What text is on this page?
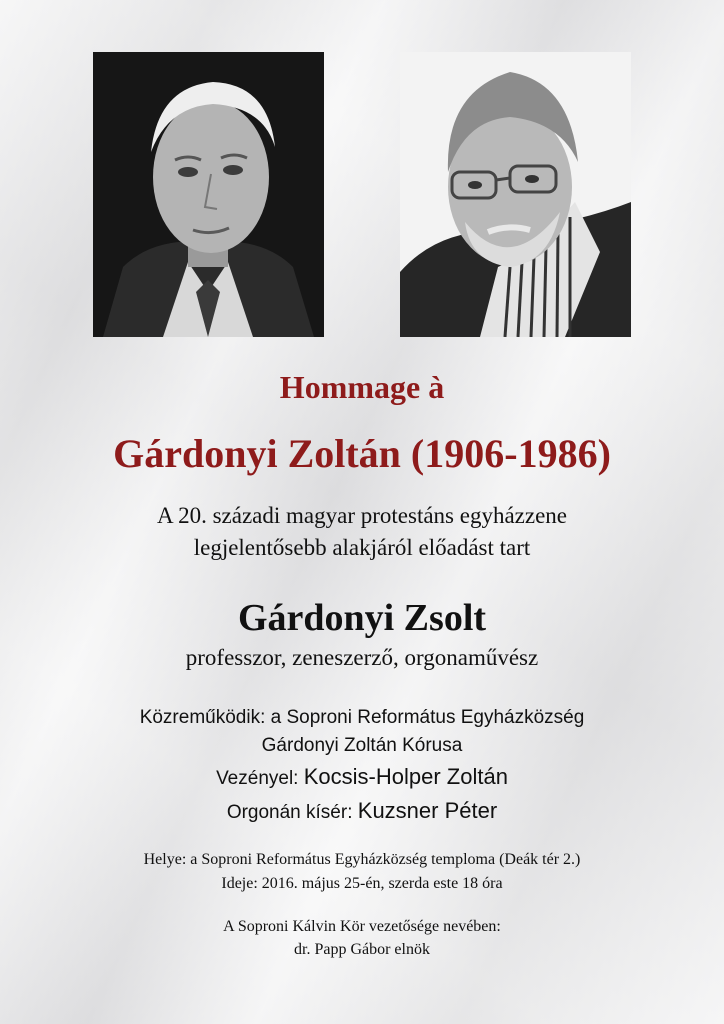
Hommage à
Gárdonyi Zoltán (1906-1986)
A 20. századi magyar protestáns egyházzene
legjelentősebb alakjáról előadást tart
Gárdonyi Zsolt
professzor, zeneszerző, orgonaművész
Közreműködik: a Soproni Református Egyházközség
Gárdonyi Zoltán Kórusa
Vezényel: Kocsis-Holper Zoltán
Orgonán kísér: Kuzsner Péter
Helye: a Soproni Református Egyházközség temploma (Deák tér 2.)
Ideje: 2016. május 25-én, szerda este 18 óra
A Soproni Kálvin Kör vezetősége nevében:
dr. Papp Gábor elnök
